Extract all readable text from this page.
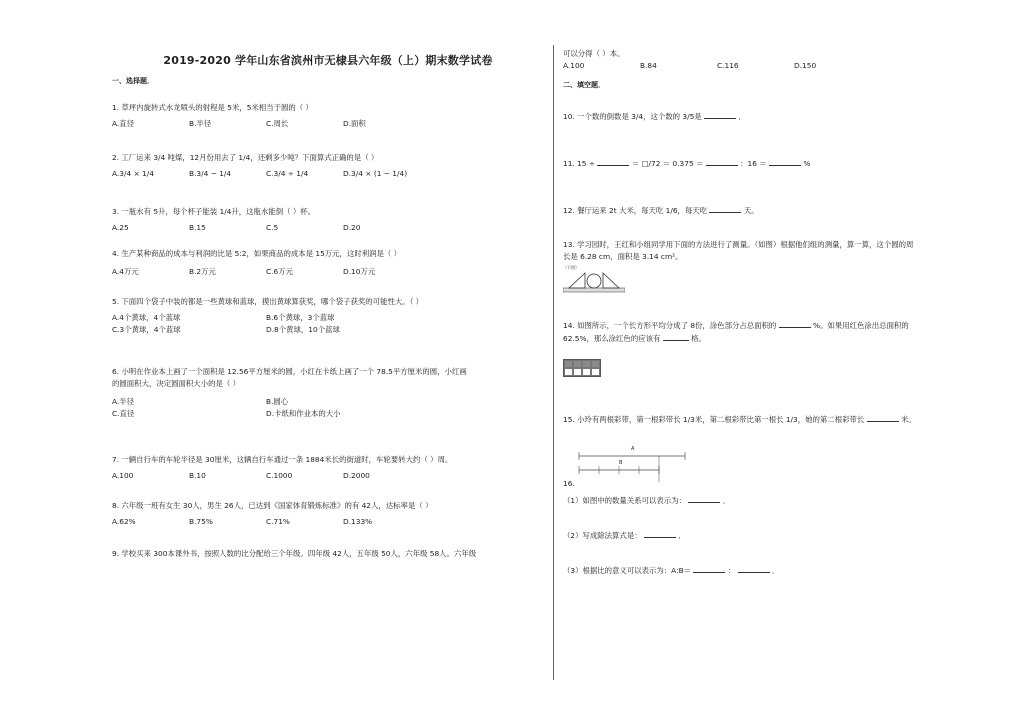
2019-2020 学年山东省滨州市无棣县六年级（上）期末数学试卷
一、选择题．
1. 草坪内旋转式水龙喷头的射程是 5米，5米相当于圆的（ ）
A.直径	B.半径	C.周长	D.面积
2. 工厂运来 3/4 吨煤，12月份用去了 1/4，还剩多少吨？下面算式正确的是（ ）
A.3/4 × 1/4	B.3/4 − 1/4	C.3/4 ÷ 1/4	D.3/4 × (1 − 1/4)
3. 一瓶水有 5升，每个杯子能装 1/4升，这瓶水能倒（ ）杯。
A.25	B.15	C.5	D.20
4. 生产某种商品的成本与利润的比是 5:2，如果商品的成本是 15万元，这时利润是（ ）
A.4万元	B.2万元	C.6万元	D.10万元
5. 下面四个袋子中装的都是一些黄球和蓝球，摸出黄球算获奖，哪个袋子获奖的可能性大。（ ）
A.4个黄球，4个蓝球	B.6个黄球，3个蓝球
C.3个黄球，4个蓝球	D.8个黄球，10个蓝球
6. 小明在作业本上画了一个面积是 12.56平方厘米的圆，小红在卡纸上画了一个 78.5平方厘米的圆，小红画
的圆面积大，决定圆面积大小的是（ ）
A.半径	B.圆心
C.直径	D.卡纸和作业本的大小
7. 一辆自行车的车轮半径是 30厘米，这辆自行车通过一条 1884米长的街道时，车轮要转大约（ ）周。
A.100	B.10	C.1000	D.2000
8. 六年级一班有女生 30人，男生 26人，已达到《国家体育锻炼标准》的有 42人，达标率是（ ）
A.62%	B.75%	C.71%	D.133%
9. 学校买来 300本课外书，按照人数的比分配给三个年级。四年级 42人，五年级 50人，六年级 58人。六年级
可以分得（ ）本。
A.100	B.84	C.116	D.150
二、填空题．
10. 一个数的倒数是 3/4，这个数的 3/5是	．
11. 15 ÷	＝ □/72 ＝ 0.375 ＝	：16 ＝	%
12. 餐厅运来 2t 大米，每天吃 1/6，每天吃	天。
13. 学习园时，王红和小组同学用下面的方法进行了测量。（如图）根据他们组的测量，算一算，这个圆的周
长是 6.28 cm，面积是 3.14 cm²。
（下图）
14. 如图所示，一个长方形平均分成了 8份，涂色部分占总面积的	%。如果用红色涂出总面积的
62.5%，那么涂红色的应该有	格。
15. 小玲有两根彩带，第一根彩带长 1/3米，第二根彩带比第一根长 1/3，她的第二根彩带长	米。
A
B
16.
（1）如图中的数量关系可以表示为：	．
（2）写成除法算式是：	．
（3）根据比的意义可以表示为：A:B＝	：	．
